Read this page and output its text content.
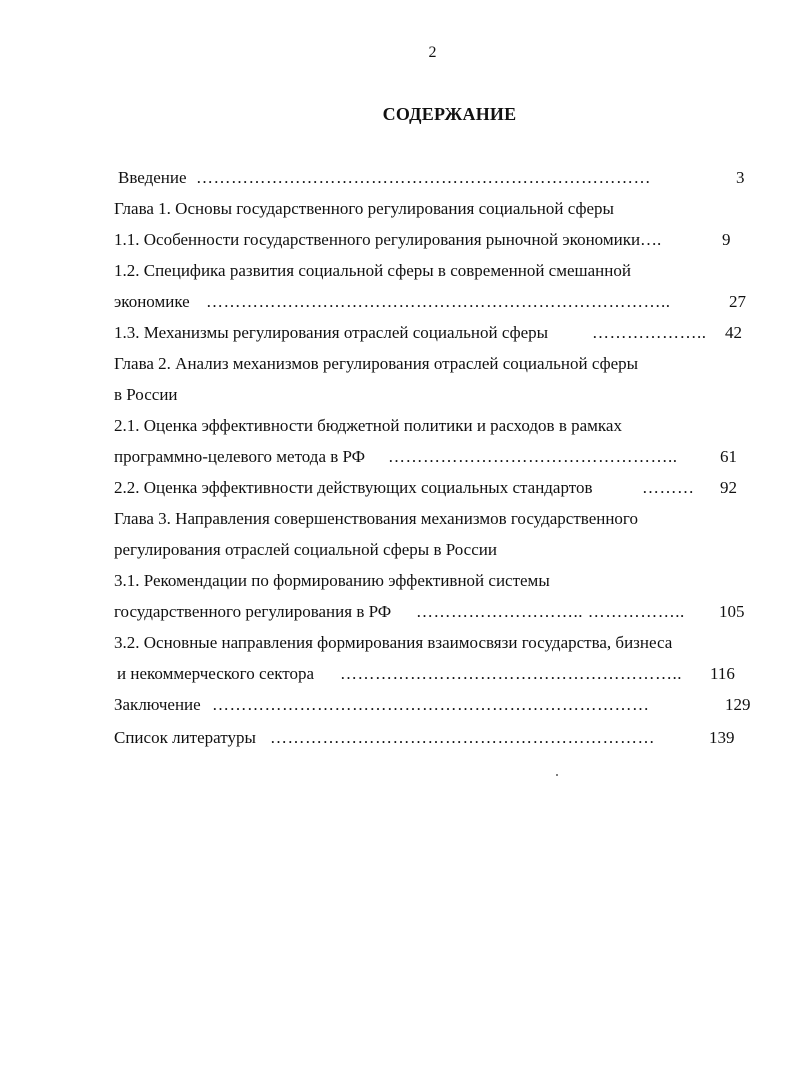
2
СОДЕРЖАНИЕ
Введение ……………………………………………………………………	3
Глава 1. Основы государственного регулирования социальной сферы
1.1. Особенности государственного регулирования рыночной экономики….	9
1.2. Специфика развития социальной сферы в современной смешанной
экономике ……………………………………………………………………..	27
1.3. Механизмы регулирования отраслей социальной сферы	……………….. 42
Глава 2. Анализ механизмов регулирования отраслей социальной сферы
в России
2.1. Оценка эффективности бюджетной политики и расходов в рамках
программно-целевого метода в РФ …………………………………………..	61
2.2. Оценка эффективности действующих социальных стандартов	……… 92
Глава 3. Направления совершенствования механизмов государственного
регулирования отраслей социальной сферы в России
3.1. Рекомендации по формированию эффективной системы
государственного регулирования в РФ ……………………….. …………….. 105
3.2. Основные направления формирования взаимосвязи государства, бизнеса
и некоммерческого сектора ………………………………………………….. 116
Заключение …………………………………………………………………	129
Список литературы …………………………………………………………	139
